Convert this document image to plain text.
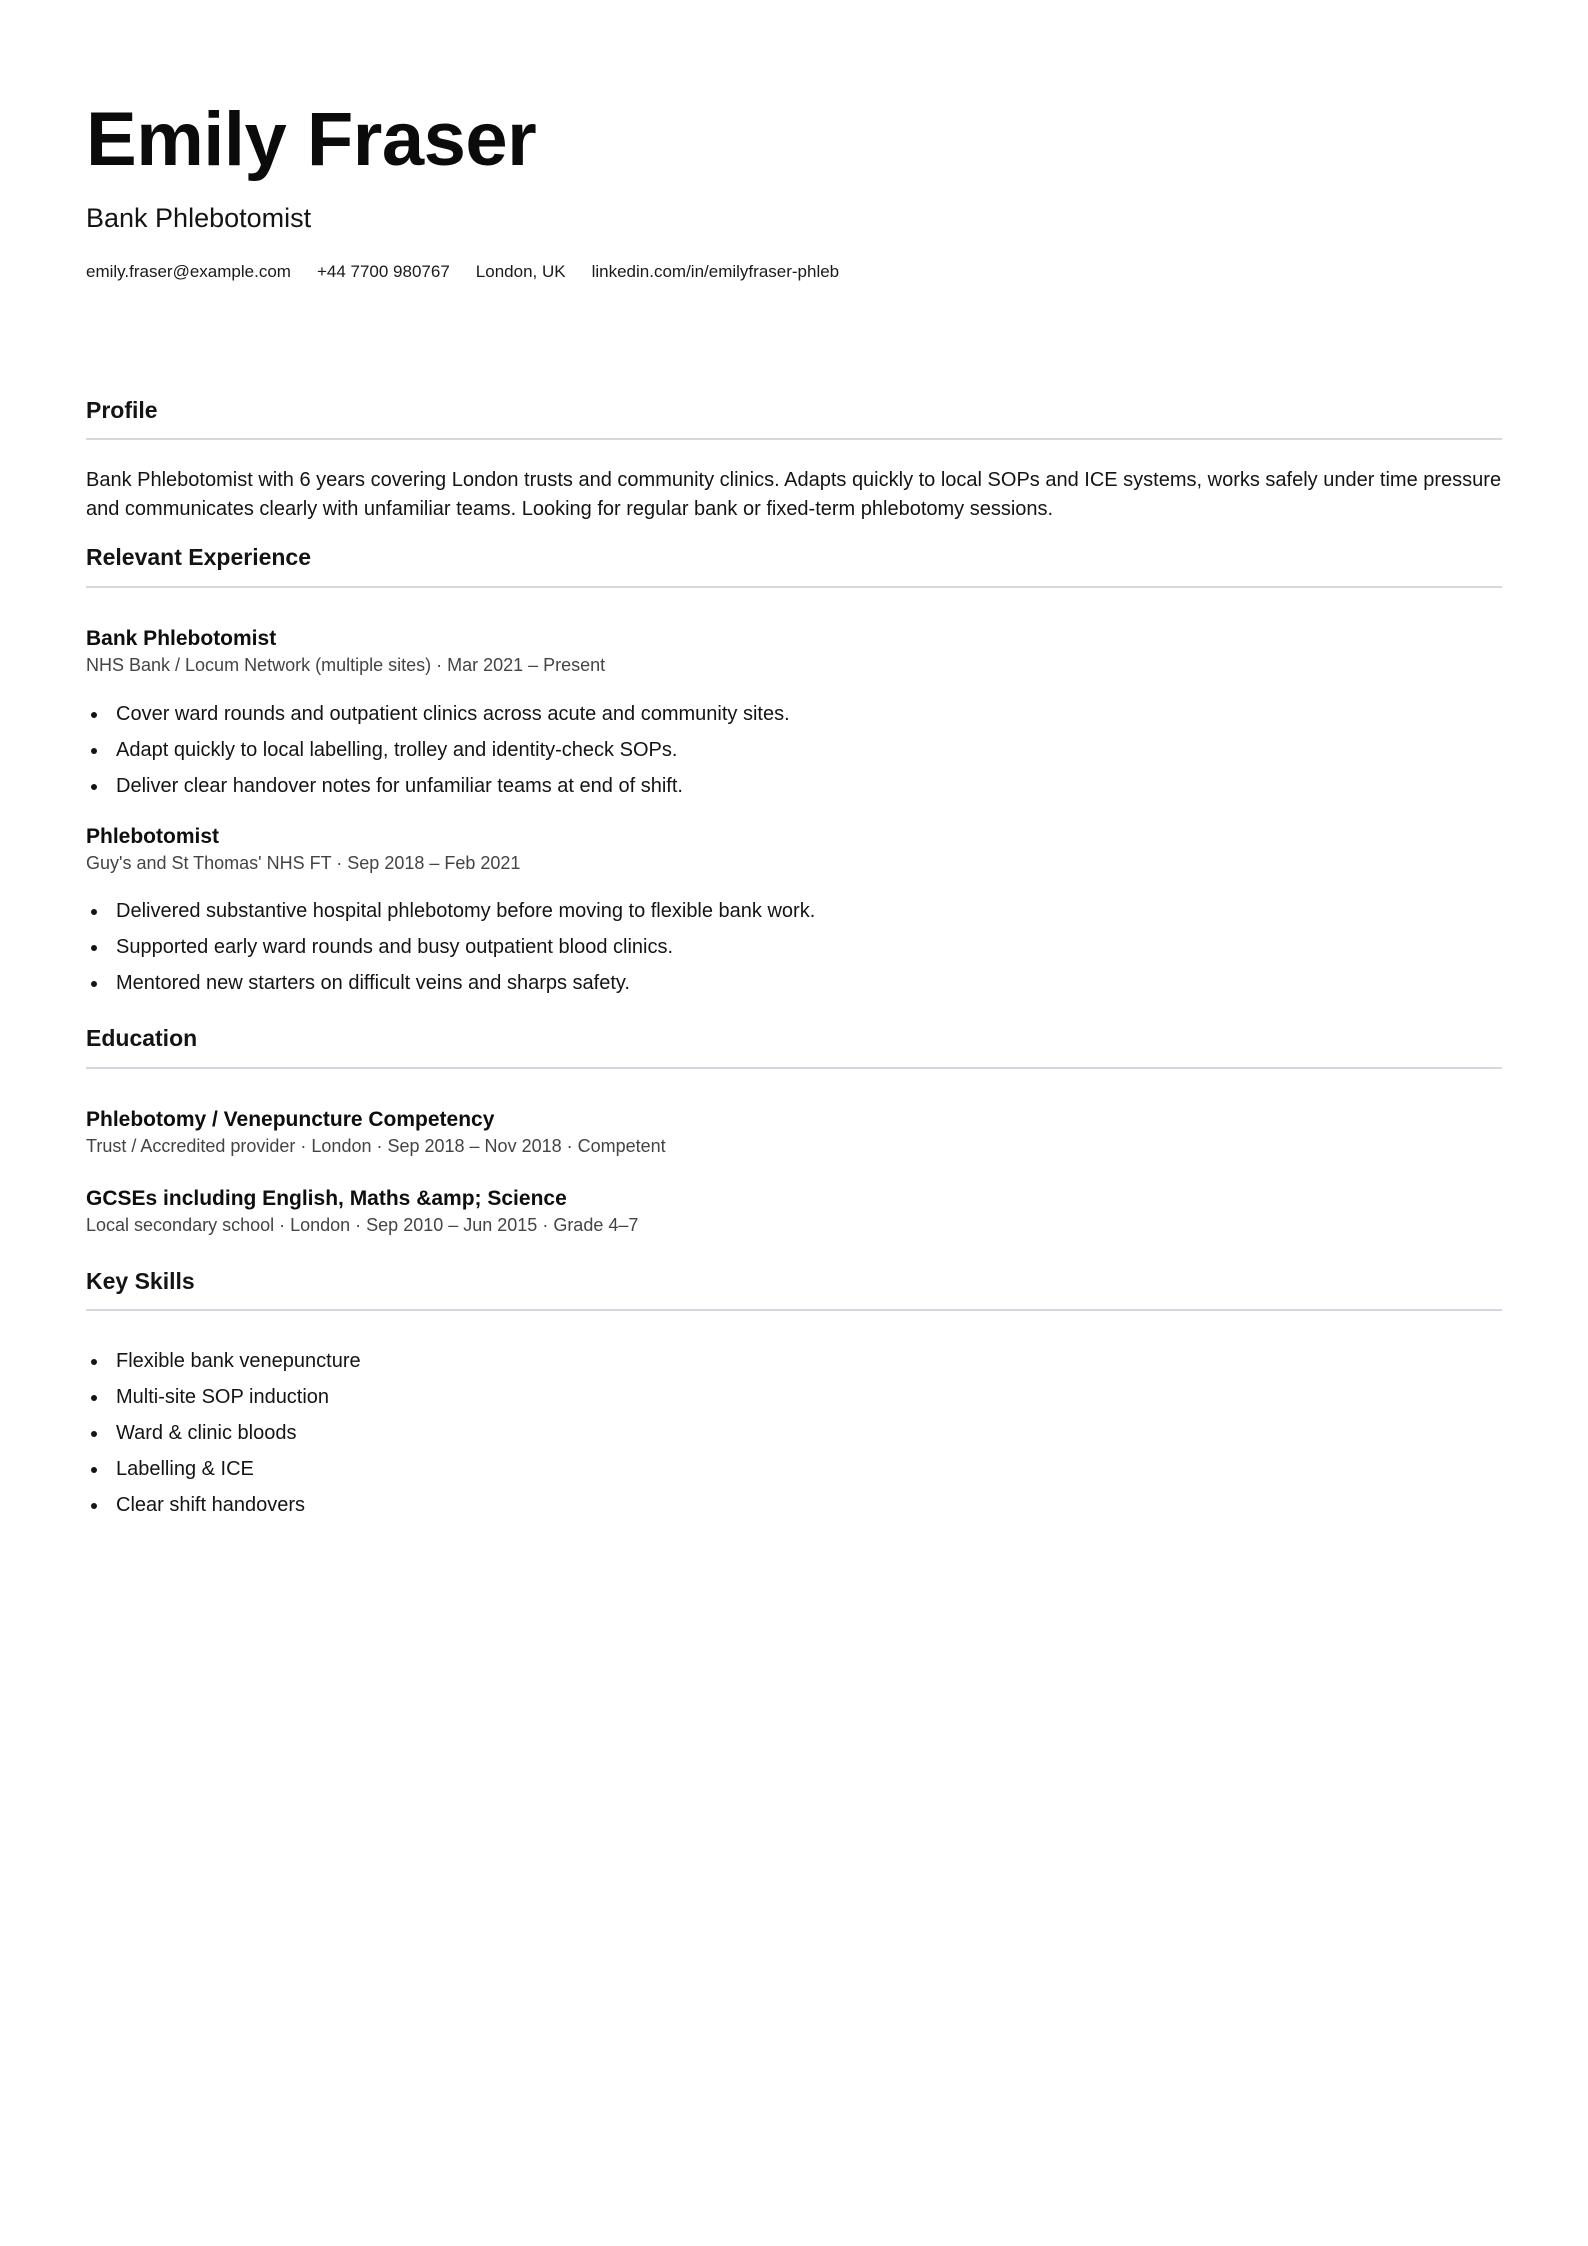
Emily Fraser
Bank Phlebotomist
emily.fraser@example.com +44 7700 980767 London, UK linkedin.com/in/emilyfraser-phleb
Profile

Bank Phlebotomist with 6 years covering London trusts and community clinics. Adapts quickly to local SOPs and ICE systems, works safely under time pressure and communicates clearly with unfamiliar teams. Looking for regular bank or fixed-term phlebotomy sessions.

Relevant Experience
Bank Phlebotomist
NHS Bank / Locum Network (multiple sites) · Mar 2021 – Present
Cover ward rounds and outpatient clinics across acute and community sites.
Adapt quickly to local labelling, trolley and identity-check SOPs.
Deliver clear handover notes for unfamiliar teams at end of shift.
Phlebotomist
Guy's and St Thomas' NHS FT · Sep 2018 – Feb 2021
Delivered substantive hospital phlebotomy before moving to flexible bank work.
Supported early ward rounds and busy outpatient blood clinics.
Mentored new starters on difficult veins and sharps safety.
Education
Phlebotomy / Venepuncture Competency
Trust / Accredited provider · London · Sep 2018 – Nov 2018 · Competent
GCSEs including English, Maths &amp; Science
Local secondary school · London · Sep 2010 – Jun 2015 · Grade 4–7
Key Skills
Flexible bank venepuncture
Multi-site SOP induction
Ward & clinic bloods
Labelling & ICE
Clear shift handovers
